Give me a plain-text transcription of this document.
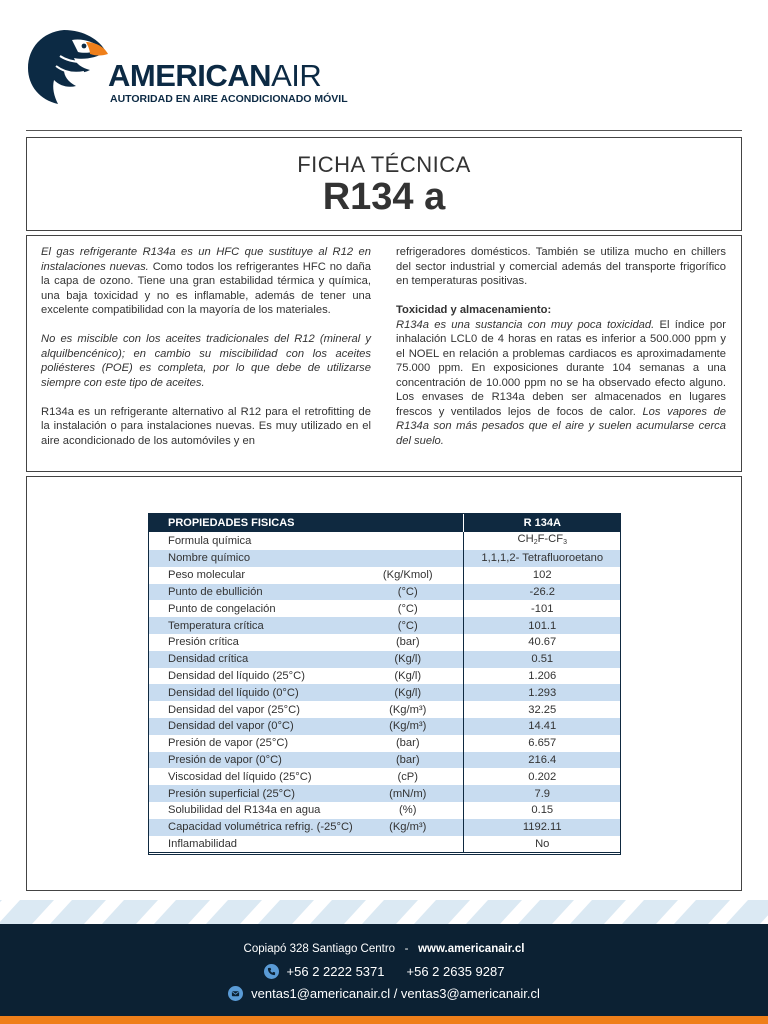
AMERICANAIR
AUTORIDAD EN AIRE ACONDICIONADO MÓVIL
FICHA TÉCNICA
R134 a

El gas refrigerante R134a es un HFC que sustituye al R12 en instalaciones nuevas. Como todos los refrigerantes HFC no daña la capa de ozono. Tiene una gran estabilidad térmica y química, una baja toxicidad y no es inflamable, además de tener una excelente compatibilidad con la mayoría de los materiales.

No es miscible con los aceites tradicionales del R12 (mineral y alquilbencénico); en cambio su miscibilidad con los aceites poliésteres (POE) es completa, por lo que debe de utilizarse siempre con este tipo de aceites.

R134a es un refrigerante alternativo al R12 para el retrofitting de la instalación o para instalaciones nuevas. Es muy utilizado en el aire acondicionado de los automóviles y en

refrigeradores domésticos. También se utiliza mucho en chillers del sector industrial y comercial además del transporte frigorífico en temperaturas positivas.

Toxicidad y almacenamiento:

R134a es una sustancia con muy poca toxicidad. El índice por inhalación LCL0 de 4 horas en ratas es inferior a 500.000 ppm y el NOEL en relación a problemas cardiacos es aproximadamente 75.000 ppm. En exposiciones durante 104 semanas a una concentración de 10.000 ppm no se ha observado efecto alguno. Los envases de R134a deben ser almacenados en lugares frescos y ventilados lejos de focos de calor. Los vapores de R134a son más pesados que el aire y suelen acumularse cerca del suelo.

PROPIEDADES FISICAS		R 134A
Formula química		$CH_2F-CF_3$
Nombre químico		1,1,1,2- Tetrafluoroetano
Peso molecular	(Kg/Kmol)	102
Punto de ebullición	(°C)	-26.2
Punto de congelación	(°C)	-101
Temperatura crítica	(°C)	101.1
Presión crítica	(bar)	40.67
Densidad crítica	(Kg/l)	0.51
Densidad del líquido (25°C)	(Kg/l)	1.206
Densidad del líquido (0°C)	(Kg/l)	1.293
Densidad del vapor (25°C)	(Kg/m³)	32.25
Densidad del vapor (0°C)	(Kg/m³)	14.41
Presión de vapor (25°C)	(bar)	6.657
Presión de vapor (0°C)	(bar)	216.4
Viscosidad del líquido (25°C)	(cP)	0.202
Presión superficial (25°C)	(mN/m)	7.9
Solubilidad del R134a en agua	(%)	0.15
Capacidad volumétrica refrig. (-25°C)	(Kg/m³)	1192.11
Inflamabilidad		No
Copiapó 328 Santiago Centro - www.americanair.cl
+56 2 2222 5371 +56 2 2635 9287
ventas1@americanair.cl / ventas3@americanair.cl
